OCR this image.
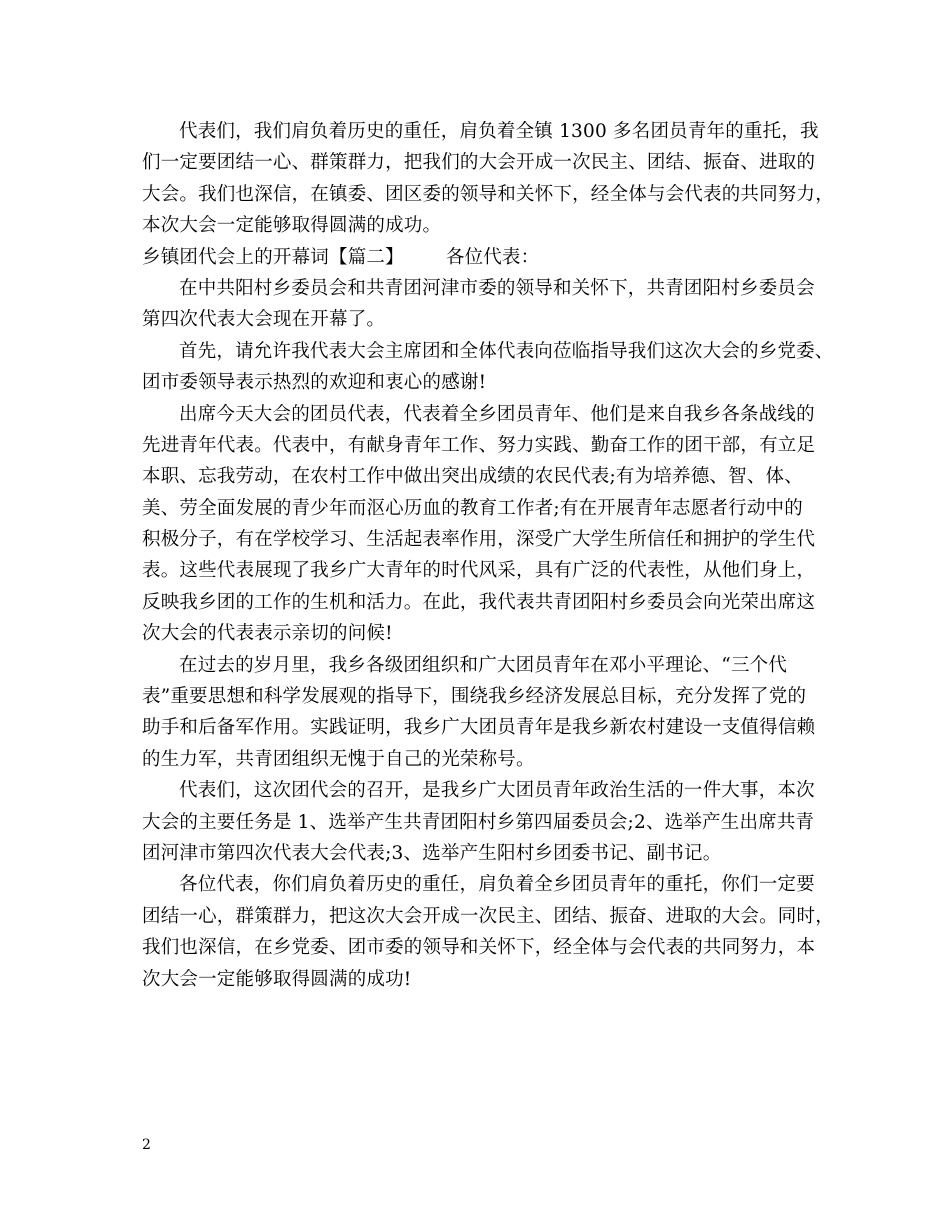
代表们，我们肩负着历史的重任，肩负着全镇 1300 多名团员青年的重托，我
们一定要团结一心、群策群力，把我们的大会开成一次民主、团结、振奋、进取的
大会。我们也深信，在镇委、团区委的领导和关怀下，经全体与会代表的共同努力，
本次大会一定能够取得圆满的成功。
乡镇团代会上的开幕词【篇二】 各位代表：
在中共阳村乡委员会和共青团河津市委的领导和关怀下，共青团阳村乡委员会
第四次代表大会现在开幕了。
首先，请允许我代表大会主席团和全体代表向莅临指导我们这次大会的乡党委、
团市委领导表示热烈的欢迎和衷心的感谢!
出席今天大会的团员代表，代表着全乡团员青年、他们是来自我乡各条战线的
先进青年代表。代表中，有献身青年工作、努力实践、勤奋工作的团干部，有立足
本职、忘我劳动，在农村工作中做出突出成绩的农民代表;有为培养德、智、体、
美、劳全面发展的青少年而沤心历血的教育工作者;有在开展青年志愿者行动中的
积极分子，有在学校学习、生活起表率作用，深受广大学生所信任和拥护的学生代
表。这些代表展现了我乡广大青年的时代风采，具有广泛的代表性，从他们身上，
反映我乡团的工作的生机和活力。在此，我代表共青团阳村乡委员会向光荣出席这
次大会的代表表示亲切的问候!
在过去的岁月里，我乡各级团组织和广大团员青年在邓小平理论、“三个代
表”重要思想和科学发展观的指导下，围绕我乡经济发展总目标，充分发挥了党的
助手和后备军作用。实践证明，我乡广大团员青年是我乡新农村建设一支值得信赖
的生力军，共青团组织无愧于自己的光荣称号。
代表们，这次团代会的召开，是我乡广大团员青年政治生活的一件大事，本次
大会的主要任务是 1、选举产生共青团阳村乡第四届委员会;2、选举产生出席共青
团河津市第四次代表大会代表;3、选举产生阳村乡团委书记、副书记。
各位代表，你们肩负着历史的重任，肩负着全乡团员青年的重托，你们一定要
团结一心，群策群力，把这次大会开成一次民主、团结、振奋、进取的大会。同时，
我们也深信，在乡党委、团市委的领导和关怀下，经全体与会代表的共同努力，本
次大会一定能够取得圆满的成功!
2
